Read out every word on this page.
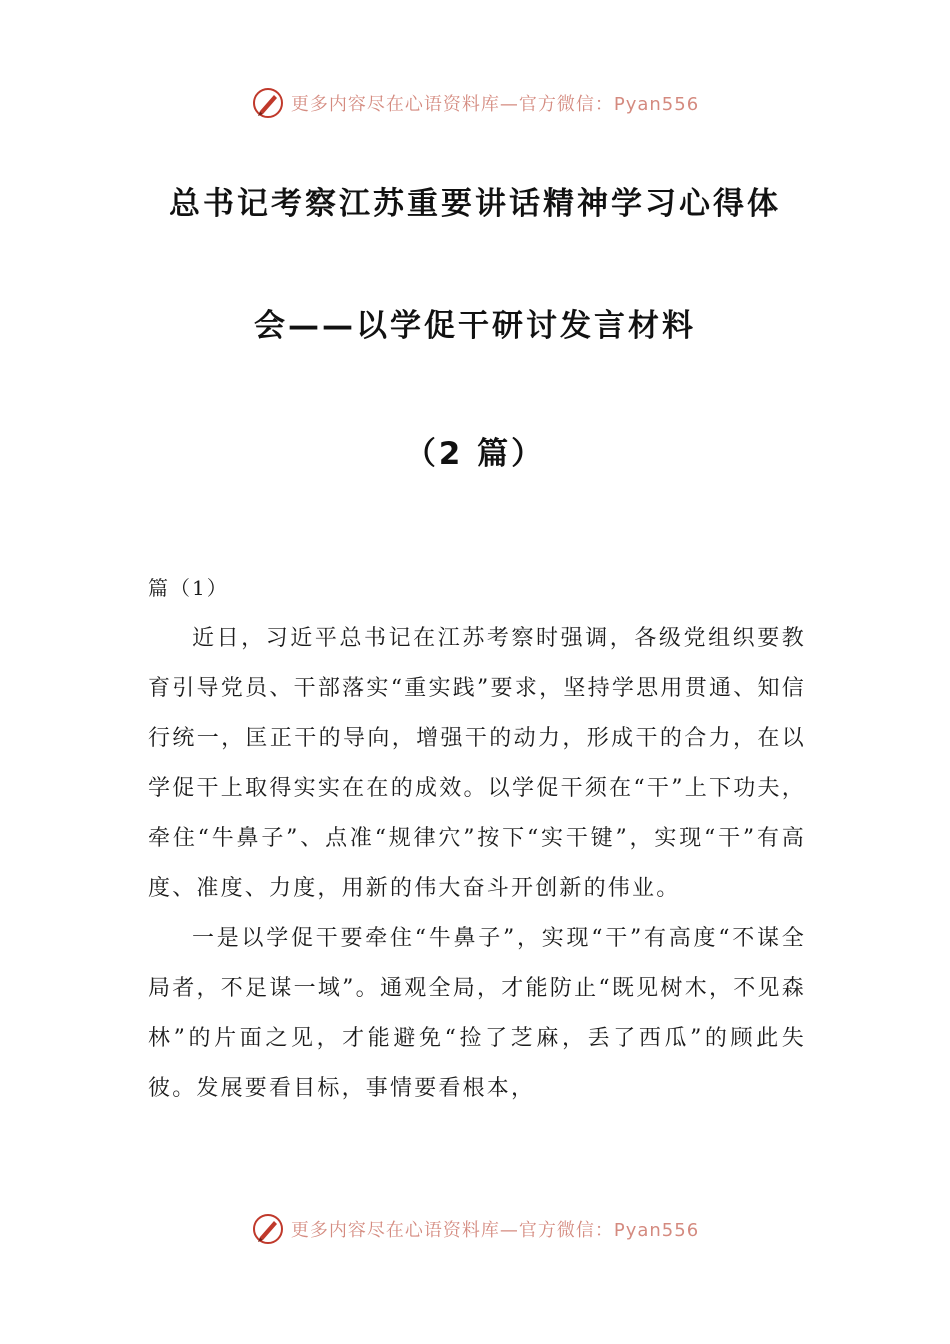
更多内容尽在心语资料库—官方微信：Pyan556
总书记考察江苏重要讲话精神学习心得体
会——以学促干研讨发言材料
（2 篇）
篇（1）

近日，习近平总书记在江苏考察时强调，各级党组织要教育引导党员、干部落实“重实践”要求，坚持学思用贯通、知信行统一，匡正干的导向，增强干的动力，形成干的合力，在以学促干上取得实实在在的成效。以学促干须在“干”上下功夫，牵住“牛鼻子”、点准“规律穴”按下“实干键”，实现“干”有高度、准度、力度，用新的伟大奋斗开创新的伟业。

一是以学促干要牵住“牛鼻子”，实现“干”有高度“不谋全局者，不足谋一域”。通观全局，才能防止“既见树木，不见森林”的片面之见，才能避免“捡了芝麻，丢了西瓜”的顾此失彼。发展要看目标，事情要看根本，

更多内容尽在心语资料库—官方微信：Pyan556
